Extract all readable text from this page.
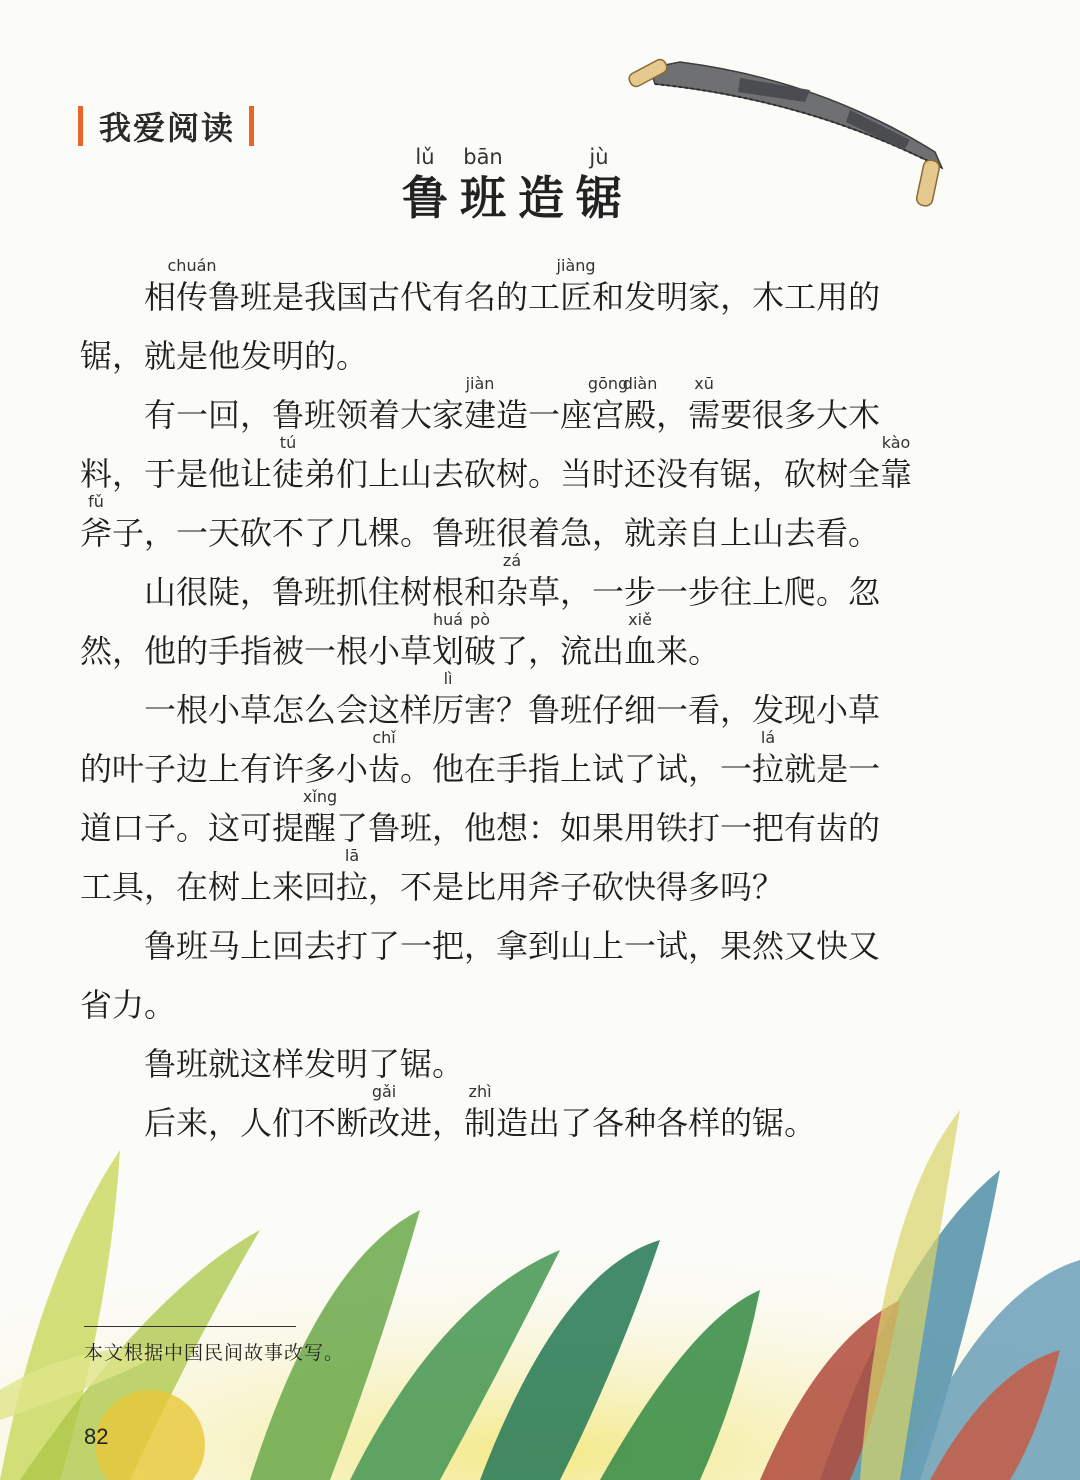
我爱阅读
lǔ
鲁
bān
班 造
jù
锯
　　相 传
chuán
鲁班是我国古代有名的工 匠
jiàng
和发明家，木工用的
锯，就是他发明的。
　　有一回，鲁班领着大家 建
jiàn
造一座 宫
gōng
殿
diàn
， 需
xū
要很多大木
料，于是他让 徒
tú
弟们上山去砍树。当时还没有锯，砍树全 靠
kào
斧
fǔ
子，一天砍不了几棵。鲁班很着急，就亲自上山去看。
　　山很陡，鲁班抓住树根和 杂
zá
草，一步一步往上爬。忽
然，他的手指被一根小草 划
huá
破
pò
了，流出 血
xiě
来。
　　一根小草怎么会这样 厉
lì
害？鲁班仔细一看，发现小草
的叶子边上有许多小 齿
chǐ
。他在手指上试了试，一 拉
lá
就是一
道口子。这可提 醒
xǐng
了鲁班，他想：如果用铁打一把有齿的
工具，在树上来回 拉
lā
，不是比用斧子砍快得多吗？
　　鲁班马上回去打了一把，拿到山上一试，果然又快又
省力。
　　鲁班就这样发明了锯。
　　后来，人们不断 改
gǎi
进， 制
zhì
造出了各种各样的锯。
本文根据中国民间故事改写。
82
